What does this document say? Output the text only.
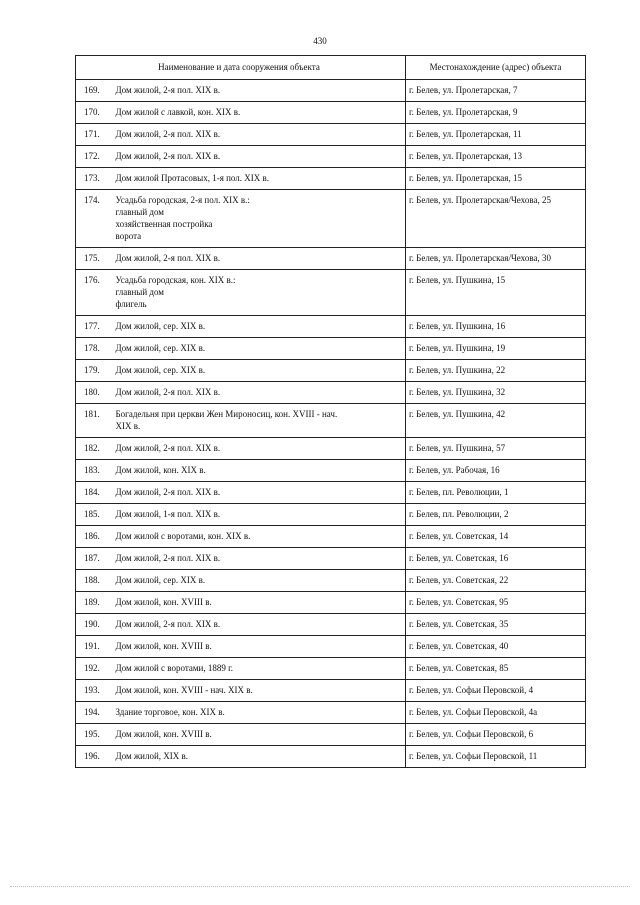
430
Наименование и дата сооружения объекта		Местонахождение (адрес) объекта
169.	Дом жилой, 2-я пол. XIX в.	г. Белев, ул. Пролетарская, 7
170.	Дом жилой с лавкой, кон. XIX в.	г. Белев, ул. Пролетарская, 9
171.	Дом жилой, 2-я пол. XIX в.	г. Белев, ул. Пролетарская, 11
172.	Дом жилой, 2-я пол. XIX в.	г. Белев, ул. Пролетарская, 13
173.	Дом жилой Протасовых, 1-я пол. XIX в.	г. Белев, ул. Пролетарская, 15
174.	Усадьба городская, 2-я пол. XIX в.:
главный дом
хозяйственная постройка
ворота	г. Белев, ул. Пролетарская/Чехова, 25
175.	Дом жилой, 2-я пол. XIX в.	г. Белев, ул. Пролетарская/Чехова, 30
176.	Усадьба городская, кон. XIX в.:
главный дом
флигель	г. Белев, ул. Пушкина, 15
177.	Дом жилой, сер. XIX в.	г. Белев, ул. Пушкина, 16
178.	Дом жилой, сер. XIX в.	г. Белев, ул. Пушкина, 19
179.	Дом жилой, сер. XIX в.	г. Белев, ул. Пушкина, 22
180.	Дом жилой, 2-я пол. XIX в.	г. Белев, ул. Пушкина, 32
181.	Богадельня при церкви Жен Мироносиц, кон. XVIII - нач.
XIX в.	г. Белев, ул. Пушкина, 42
182.	Дом жилой, 2-я пол. XIX в.	г. Белев, ул. Пушкина, 57
183.	Дом жилой, кон. XIX в.	г. Белев, ул. Рабочая, 16
184.	Дом жилой, 2-я пол. XIX в.	г. Белев, пл. Революции, 1
185.	Дом жилой, 1-я пол. XIX в.	г. Белев, пл. Революции, 2
186.	Дом жилой с воротами, кон. XIX в.	г. Белев, ул. Советская, 14
187.	Дом жилой, 2-я пол. XIX в.	г. Белев, ул. Советская, 16
188.	Дом жилой, сер. XIX в.	г. Белев, ул. Советская, 22
189.	Дом жилой, кон. XVIII в.	г. Белев, ул. Советская, 95
190.	Дом жилой, 2-я пол. XIX в.	г. Белев, ул. Советская, 35
191.	Дом жилой, кон. XVIII в.	г. Белев, ул. Советская, 40
192.	Дом жилой с воротами, 1889 г.	г. Белев, ул. Советская, 85
193.	Дом жилой, кон. XVIII - нач. XIX в.	г. Белев, ул. Софьи Перовской, 4
194.	Здание торговое, кон. XIX в.	г. Белев, ул. Софьи Перовской, 4а
195.	Дом жилой, кон. XVIII в.	г. Белев, ул. Софьи Перовской, 6
196.	Дом жилой, XIX в.	г. Белев, ул. Софьи Перовской, 11
